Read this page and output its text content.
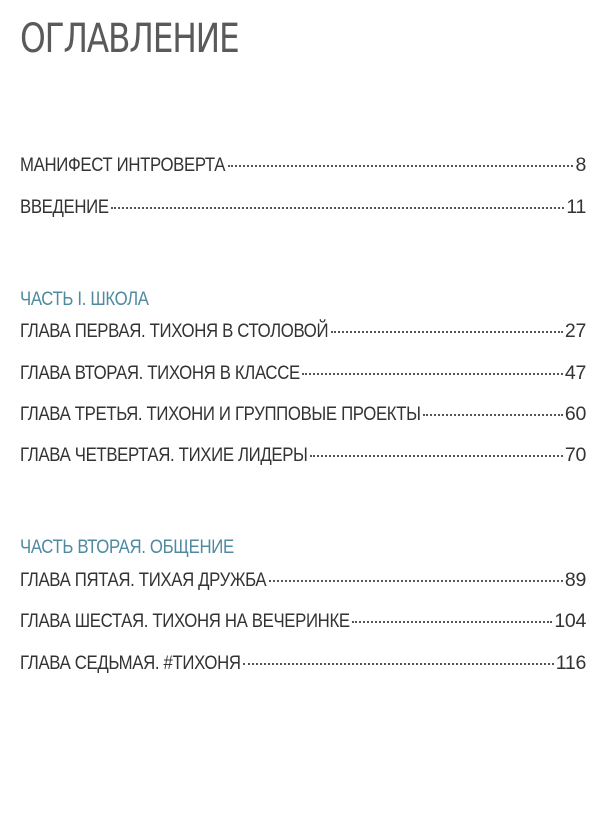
ОГЛАВЛЕНИЕ
МАНИФЕСТ ИНТРОВЕРТА	8
ВВЕДЕНИЕ	11
ЧАСТЬ I. ШКОЛА
ГЛАВА ПЕРВАЯ. ТИХОНЯ В СТОЛОВОЙ	27
ГЛАВА ВТОРАЯ. ТИХОНЯ В КЛАССЕ	47
ГЛАВА ТРЕТЬЯ. ТИХОНИ И ГРУППОВЫЕ ПРОЕКТЫ	60
ГЛАВА ЧЕТВЕРТАЯ. ТИХИЕ ЛИДЕРЫ	70
ЧАСТЬ ВТОРАЯ. ОБЩЕНИЕ
ГЛАВА ПЯТАЯ. ТИХАЯ ДРУЖБА	89
ГЛАВА ШЕСТАЯ. ТИХОНЯ НА ВЕЧЕРИНКЕ	104
ГЛАВА СЕДЬМАЯ. #ТИХОНЯ	116
